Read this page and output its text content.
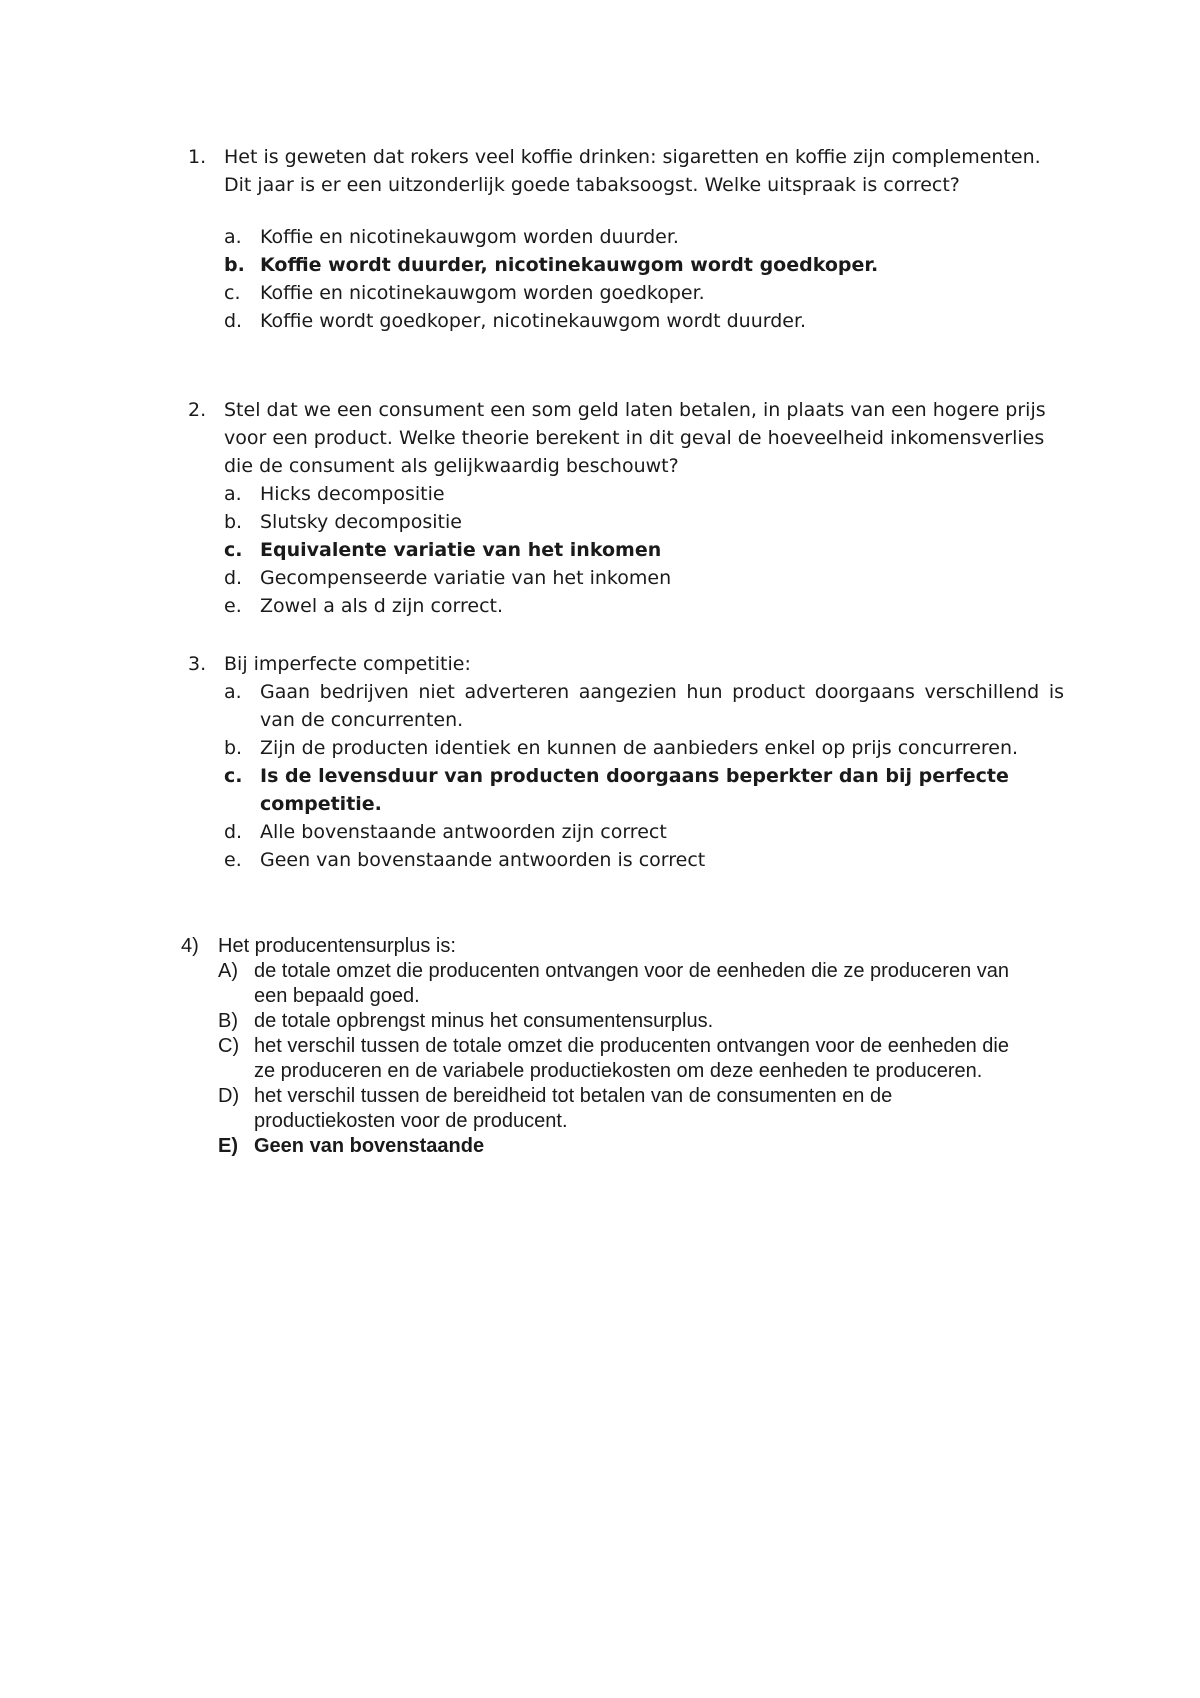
1. Het is geweten dat rokers veel koffie drinken: sigaretten en koffie zijn complementen. Dit jaar is er een uitzonderlijk goede tabaksoogst. Welke uitspraak is correct?
a. Koffie en nicotinekauwgom worden duurder.
b. Koffie wordt duurder, nicotinekauwgom wordt goedkoper.
c.	Koffie en nicotinekauwgom worden goedkoper.
d. Koffie wordt goedkoper, nicotinekauwgom wordt duurder.
2. Stel dat we een consument een som geld laten betalen, in plaats van een hogere prijs voor een product. Welke theorie berekent in dit geval de hoeveelheid inkomensverlies die de consument als gelijkwaardig beschouwt?
a. Hicks decompositie
b. Slutsky decompositie
c. Equivalente variatie van het inkomen
d. Gecompenseerde variatie van het inkomen
e. Zowel a als d zijn correct.
3. Bij imperfecte competitie:
a. Gaan bedrijven niet adverteren aangezien hun product doorgaans verschillend is van de concurrenten.
b. Zijn de producten identiek en kunnen de aanbieders enkel op prijs concurreren.
c. Is de levensduur van producten doorgaans beperkter dan bij perfecte competitie.
d. Alle bovenstaande antwoorden zijn correct
e. Geen van bovenstaande antwoorden is correct
4) Het producentensurplus is:
A) de totale omzet die producenten ontvangen voor de eenheden die ze produceren van een bepaald goed.
B) de totale opbrengst minus het consumentensurplus.
C) het verschil tussen de totale omzet die producenten ontvangen voor de eenheden die ze produceren en de variabele productiekosten om deze eenheden te produceren.
D) het verschil tussen de bereidheid tot betalen van de consumenten en de productiekosten voor de producent.
E) Geen van bovenstaande
